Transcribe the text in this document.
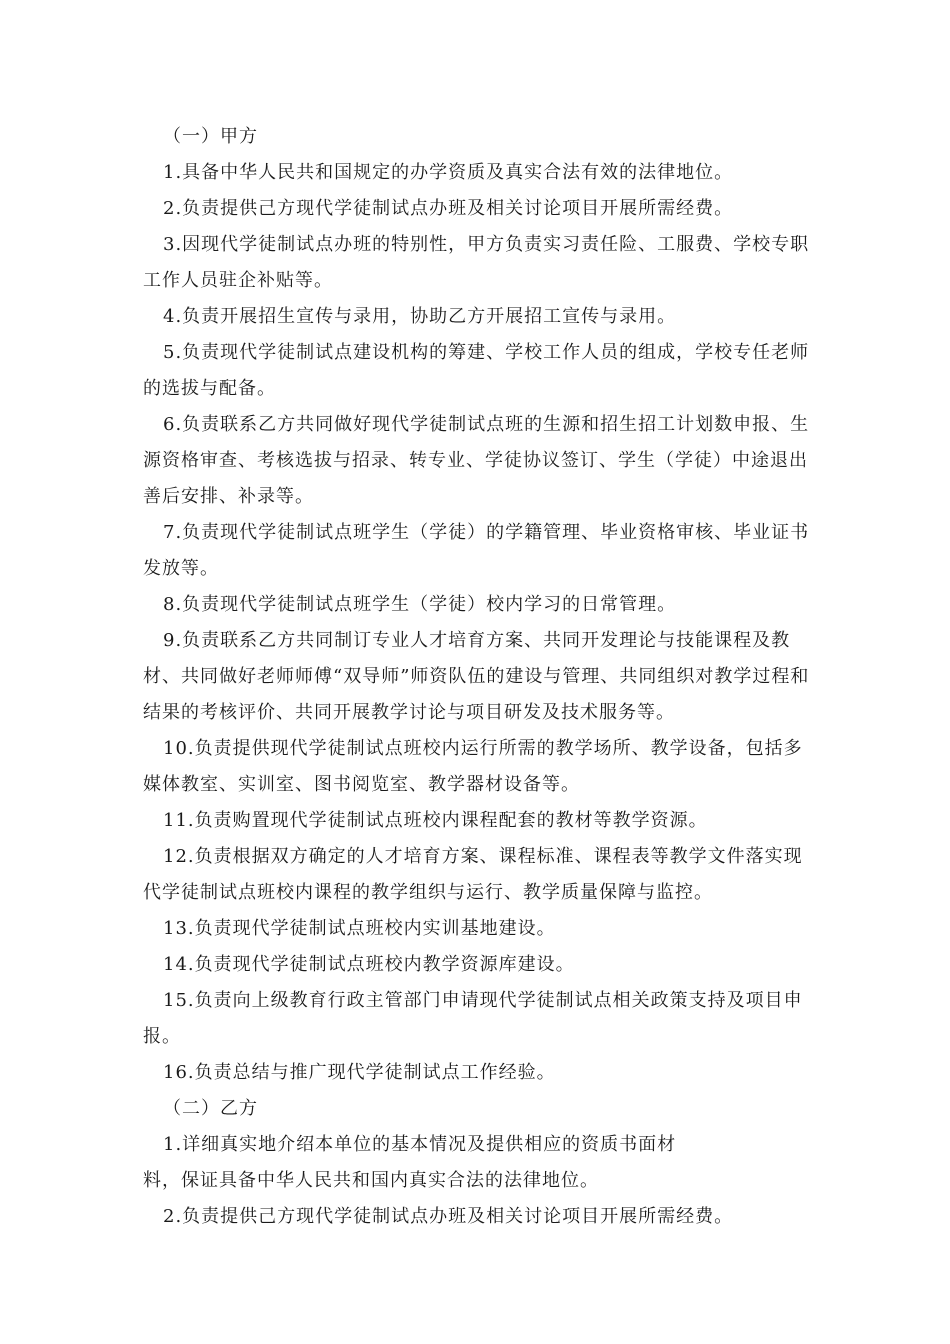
（一）甲方

1.具备中华人民共和国规定的办学资质及真实合法有效的法律地位。

2.负责提供己方现代学徒制试点办班及相关讨论项目开展所需经费。

3.因现代学徒制试点办班的特别性，甲方负责实习责任险、工服费、学校专职工作人员驻企补贴等。

4.负责开展招生宣传与录用，协助乙方开展招工宣传与录用。

5.负责现代学徒制试点建设机构的筹建、学校工作人员的组成，学校专任老师的选拔与配备。

6.负责联系乙方共同做好现代学徒制试点班的生源和招生招工计划数申报、生源资格审查、考核选拔与招录、转专业、学徒协议签订、学生（学徒）中途退出善后安排、补录等。

7.负责现代学徒制试点班学生（学徒）的学籍管理、毕业资格审核、毕业证书发放等。

8.负责现代学徒制试点班学生（学徒）校内学习的日常管理。

9.负责联系乙方共同制订专业人才培育方案、共同开发理论与技能课程及教材、共同做好老师师傅“双导师”师资队伍的建设与管理、共同组织对教学过程和结果的考核评价、共同开展教学讨论与项目研发及技术服务等。

10.负责提供现代学徒制试点班校内运行所需的教学场所、教学设备，包括多媒体教室、实训室、图书阅览室、教学器材设备等。

11.负责购置现代学徒制试点班校内课程配套的教材等教学资源。

12.负责根据双方确定的人才培育方案、课程标准、课程表等教学文件落实现代学徒制试点班校内课程的教学组织与运行、教学质量保障与监控。

13.负责现代学徒制试点班校内实训基地建设。

14.负责现代学徒制试点班校内教学资源库建设。

15.负责向上级教育行政主管部门申请现代学徒制试点相关政策支持及项目申报。

16.负责总结与推广现代学徒制试点工作经验。

（二）乙方

1.详细真实地介绍本单位的基本情况及提供相应的资质书面材

料，保证具备中华人民共和国内真实合法的法律地位。

2.负责提供己方现代学徒制试点办班及相关讨论项目开展所需经费。
